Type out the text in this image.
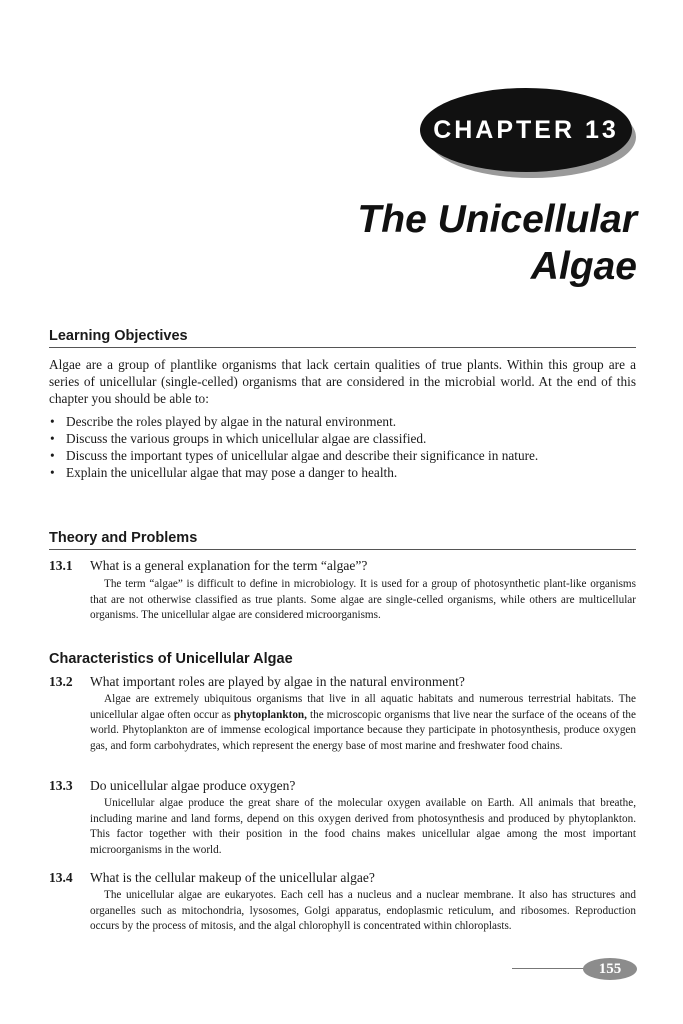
CHAPTER 13
The Unicellular
Algae
Learning Objectives

Algae are a group of plantlike organisms that lack certain qualities of true plants. Within this group are a series of unicellular (single-celled) organisms that are considered in the microbial world. At the end of this chapter you should be able to:

• Describe the roles played by algae in the natural environment.
• Discuss the various groups in which unicellular algae are classified.
• Discuss the important types of unicellular algae and describe their significance in nature.
• Explain the unicellular algae that may pose a danger to health.
Theory and Problems
13.1 What is a general explanation for the term “algae”?

The term “algae” is difficult to define in microbiology. It is used for a group of photosynthetic plant-like organisms that are not otherwise classified as true plants. Some algae are single-celled organisms, while others are multicellular organisms. The unicellular algae are considered microorganisms.

Characteristics of Unicellular Algae
13.2 What important roles are played by algae in the natural environment?

Algae are extremely ubiquitous organisms that live in all aquatic habitats and numerous terrestrial habitats. The unicellular algae often occur as phytoplankton, the microscopic organisms that live near the surface of the oceans of the world. Phytoplankton are of immense ecological importance because they participate in photosynthesis, produce oxygen gas, and form carbohydrates, which represent the energy base of most marine and freshwater food chains.

13.3 Do unicellular algae produce oxygen?

Unicellular algae produce the great share of the molecular oxygen available on Earth. All animals that breathe, including marine and land forms, depend on this oxygen derived from photosynthesis and produced by phytoplankton. This factor together with their position in the food chains makes unicellular algae among the most important microorganisms in the world.

13.4 What is the cellular makeup of the unicellular algae?

The unicellular algae are eukaryotes. Each cell has a nucleus and a nuclear membrane. It also has structures and organelles such as mitochondria, lysosomes, Golgi apparatus, endoplasmic reticulum, and ribosomes. Reproduction occurs by the process of mitosis, and the algal chlorophyll is concentrated within chloroplasts.

155
